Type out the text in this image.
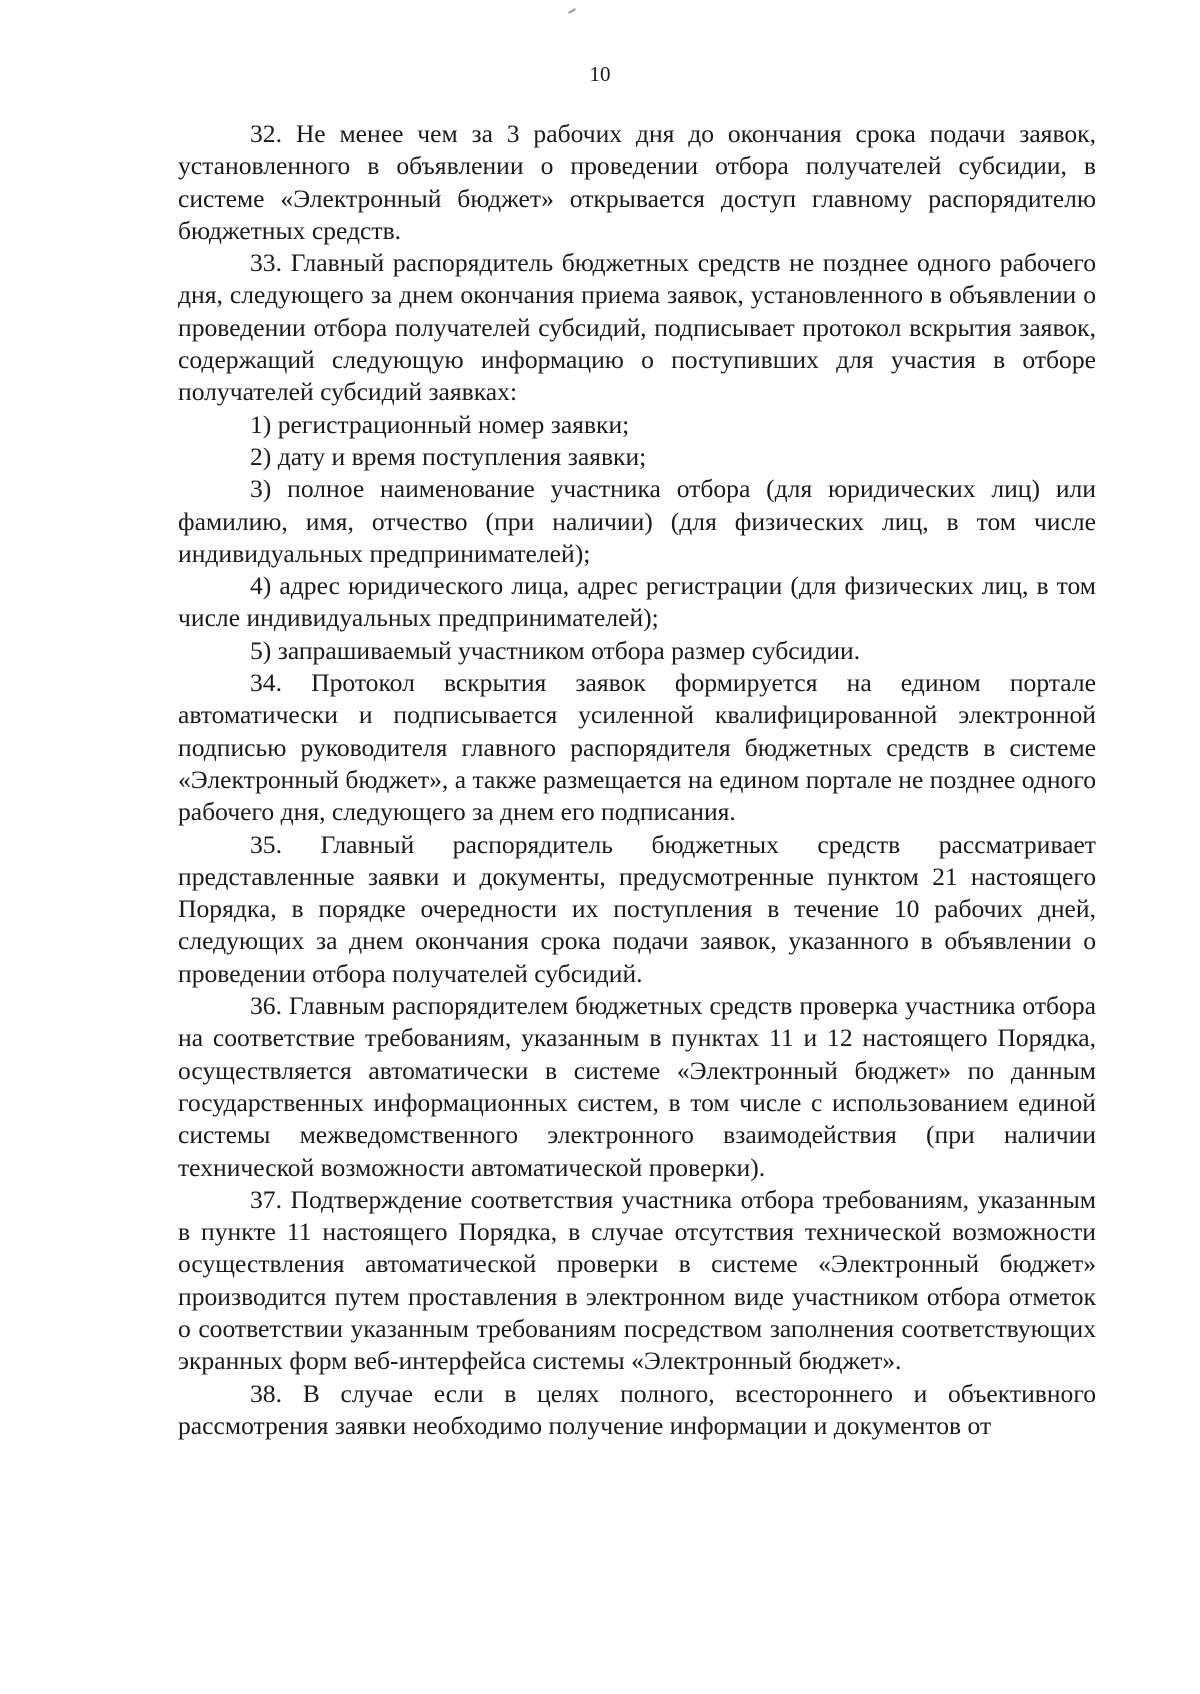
10

32. Не менее чем за 3 рабочих дня до окончания срока подачи заявок, установленного в объявлении о проведении отбора получателей субсидии, в системе «Электронный бюджет» открывается доступ главному распорядителю бюджетных средств.

33. Главный распорядитель бюджетных средств не позднее одного рабочего дня, следующего за днем окончания приема заявок, установленного в объявлении о проведении отбора получателей субсидий, подписывает протокол вскрытия заявок, содержащий следующую информацию о поступивших для участия в отборе получателей субсидий заявках:

1) регистрационный номер заявки;

2) дату и время поступления заявки;

3) полное наименование участника отбора (для юридических лиц) или фамилию, имя, отчество (при наличии) (для физических лиц, в том числе индивидуальных предпринимателей);

4) адрес юридического лица, адрес регистрации (для физических лиц, в том числе индивидуальных предпринимателей);

5) запрашиваемый участником отбора размер субсидии.

34. Протокол вскрытия заявок формируется на едином портале автоматически и подписывается усиленной квалифицированной электронной подписью руководителя главного распорядителя бюджетных средств в системе «Электронный бюджет», а также размещается на едином портале не позднее одного рабочего дня, следующего за днем его подписания.

35. Главный распорядитель бюджетных средств рассматривает представленные заявки и документы, предусмотренные пунктом 21 настоящего Порядка, в порядке очередности их поступления в течение 10 рабочих дней, следующих за днем окончания срока подачи заявок, указанного в объявлении о проведении отбора получателей субсидий.

36. Главным распорядителем бюджетных средств проверка участника отбора на соответствие требованиям, указанным в пунктах 11 и 12 настоящего Порядка, осуществляется автоматически в системе «Электронный бюджет» по данным государственных информационных систем, в том числе с использованием единой системы межведомственного электронного взаимодействия (при наличии технической возможности автоматической проверки).

37. Подтверждение соответствия участника отбора требованиям, указанным в пункте 11 настоящего Порядка, в случае отсутствия технической возможности осуществления автоматической проверки в системе «Электронный бюджет» производится путем проставления в электронном виде участником отбора отметок о соответствии указанным требованиям посредством заполнения соответствующих экранных форм веб-интерфейса системы «Электронный бюджет».

38. В случае если в целях полного, всестороннего и объективного рассмотрения заявки необходимо получение информации и документов от
